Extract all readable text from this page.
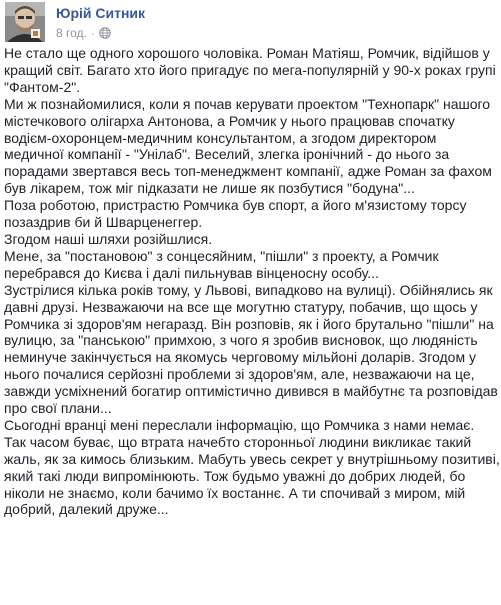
Юрій Ситник
8 год. ·

Не стало ще одного хорошого чоловіка. Роман Матіяш, Ромчик, відійшов у кращий світ. Багато хто його пригадує по мега-популярній у 90-х роках групі "Фантом-2".

Ми ж познайомилися, коли я почав керувати проектом "Технопарк" нашого містечкового олігарха Антонова, а Ромчик у нього працював спочатку водієм-охоронцем-медичним консультантом, а згодом директором медичної компанії - "Унілаб". Веселий, злегка іронічний - до нього за порадами звертався весь топ-менеджмент компанії, адже Роман за фахом був лікарем, тож міг підказати не лише як позбутися "бодуна"...

Поза роботою, пристрастю Ромчика був спорт, а його м'язистому торсу позаздрив би й Шварценеггер.

Згодом наші шляхи розійшлися.

Мене, за "постановою" з сонцесяйним, "пішли" з проекту, а Ромчик перебрався до Києва і далі пильнував вінценосну особу...

Зустрілися кілька років тому, у Львові, випадково на вулиці). Обійнялись як давні друзі. Незважаючи на все ще могутню статуру, побачив, що щось у Ромчика зі здоров'ям негаразд. Він розповів, як і його брутально "пішли" на вулицю, за "панською" примхою, з чого я зробив висновок, що людяність неминуче закінчується на якомусь черговому мільйоні доларів. Згодом у нього почалися серйозні проблеми зі здоров'ям, але, незважаючи на це, завжди усміхнений богатир оптимістично дивився в майбутнє та розповідав про свої плани...

Сьогодні вранці мені переслали інформацію, що Ромчика з нами немає. Так часом буває, що втрата начебто сторонньої людини викликає такий жаль, як за кимось близьким. Мабуть увесь секрет у внутрішньому позитиві, який такі люди випромінюють. Тож будьмо уважні до добрих людей, бо ніколи не знаємо, коли бачимо їх востаннє. А ти спочивай з миром, мій добрий, далекий друже...
